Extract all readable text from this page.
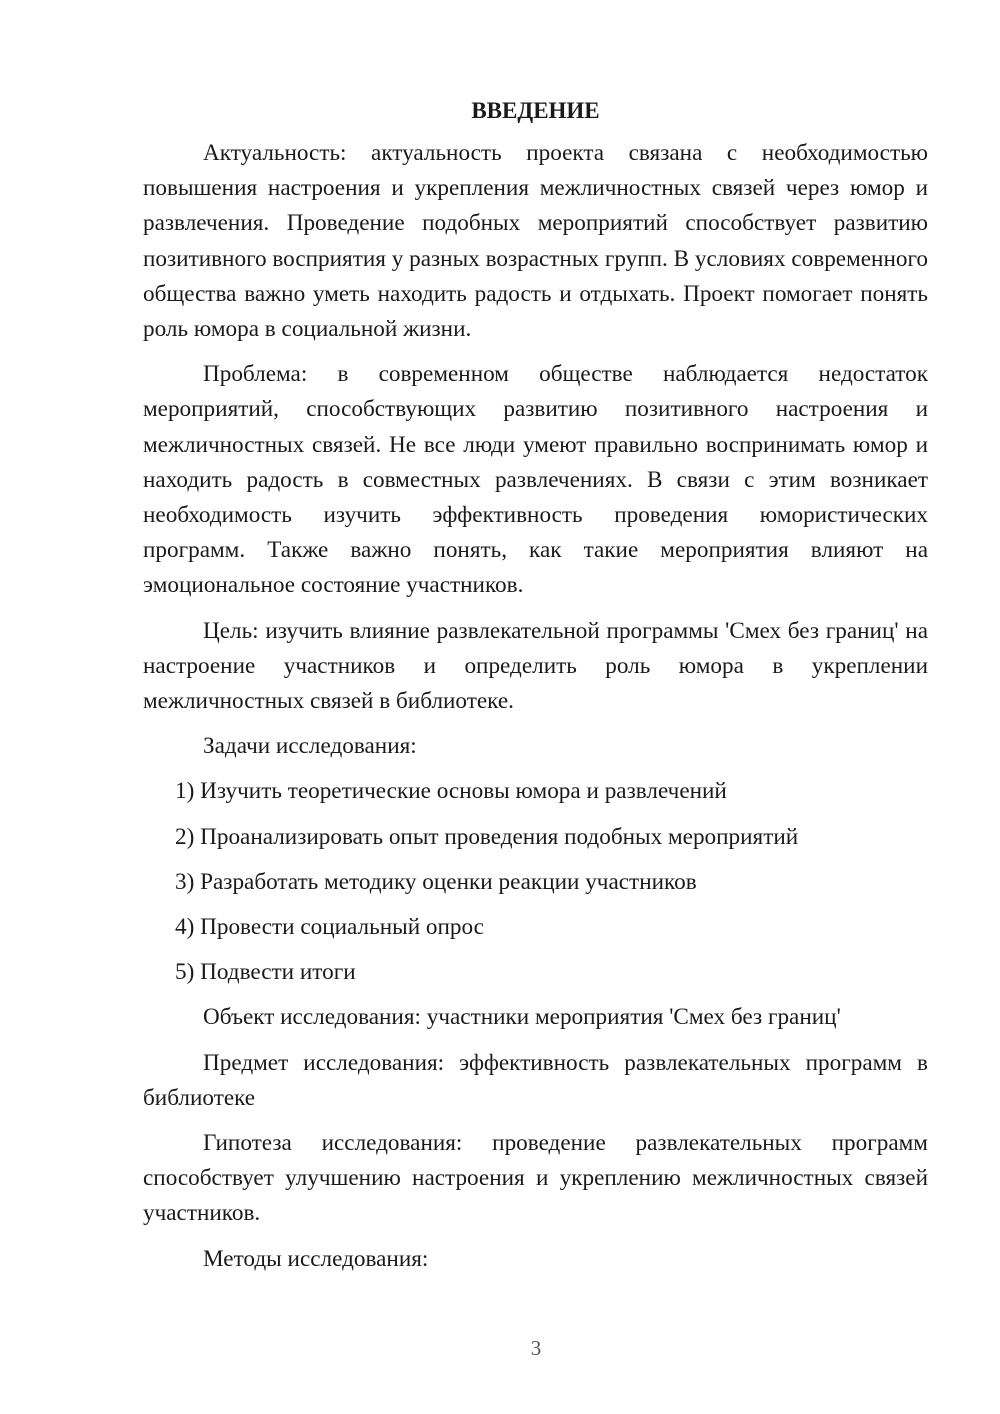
ВВЕДЕНИЕ

Актуальность: актуальность проекта связана с необходимостью повышения настроения и укрепления межличностных связей через юмор и развлечения. Проведение подобных мероприятий способствует развитию позитивного восприятия у разных возрастных групп. В условиях современного общества важно уметь находить радость и отдыхать. Проект помогает понять роль юмора в социальной жизни.

Проблема: в современном обществе наблюдается недостаток мероприятий, способствующих развитию позитивного настроения и межличностных связей. Не все люди умеют правильно воспринимать юмор и находить радость в совместных развлечениях. В связи с этим возникает необходимость изучить эффективность проведения юмористических программ. Также важно понять, как такие мероприятия влияют на эмоциональное состояние участников.

Цель: изучить влияние развлекательной программы 'Смех без границ' на настроение участников и определить роль юмора в укреплении межличностных связей в библиотеке.

Задачи исследования:

1) Изучить теоретические основы юмора и развлечений
2) Проанализировать опыт проведения подобных мероприятий
3) Разработать методику оценки реакции участников
4) Провести социальный опрос
5) Подвести итоги

Объект исследования: участники мероприятия 'Смех без границ'

Предмет исследования: эффективность развлекательных программ в библиотеке

Гипотеза исследования: проведение развлекательных программ способствует улучшению настроения и укреплению межличностных связей участников.

Методы исследования:

3
